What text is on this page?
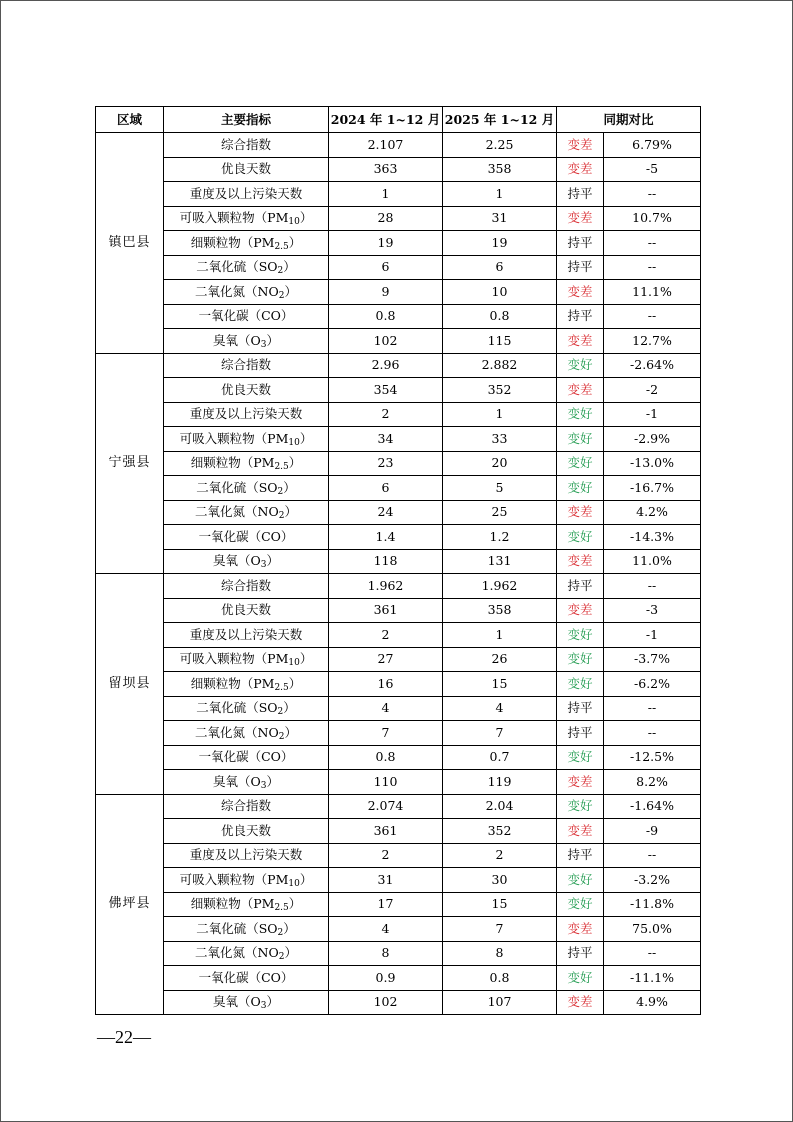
区域	主要指标	2024 年 1~12 月	2025 年 1~12 月	同期对比	
镇巴县	综合指数	2.107	2.25	变差	6.79%
	优良天数	363	358	变差	-5
	重度及以上污染天数	1	1	持平	--
	可吸入颗粒物$(PM_{10})$	28	31	变差	10.7%
	细颗粒物$(PM_{2.5})$	19	19	持平	--
	二氧化硫$(SO_2)$	6	6	持平	--
	二氧化氮$(NO_2)$	9	10	变差	11.1%
	一氧化碳（CO）	0.8	0.8	持平	--
	臭氧$(O_3)$	102	115	变差	12.7%
宁强县	综合指数	2.96	2.882	变好	-2.64%
	优良天数	354	352	变差	-2
	重度及以上污染天数	2	1	变好	-1
	可吸入颗粒物$(PM_{10})$	34	33	变好	-2.9%
	细颗粒物$(PM_{2.5})$	23	20	变好	-13.0%
	二氧化硫$(SO_2)$	6	5	变好	-16.7%
	二氧化氮$(NO_2)$	24	25	变差	4.2%
	一氧化碳（CO）	1.4	1.2	变好	-14.3%
	臭氧$(O_3)$	118	131	变差	11.0%
留坝县	综合指数	1.962	1.962	持平	--
	优良天数	361	358	变差	-3
	重度及以上污染天数	2	1	变好	-1
	可吸入颗粒物$(PM_{10})$	27	26	变好	-3.7%
	细颗粒物$(PM_{2.5})$	16	15	变好	-6.2%
	二氧化硫$(SO_2)$	4	4	持平	--
	二氧化氮$(NO_2)$	7	7	持平	--
	一氧化碳（CO）	0.8	0.7	变好	-12.5%
	臭氧$(O_3)$	110	119	变差	8.2%
佛坪县	综合指数	2.074	2.04	变好	-1.64%
	优良天数	361	352	变差	-9
	重度及以上污染天数	2	2	持平	--
	可吸入颗粒物$(PM_{10})$	31	30	变好	-3.2%
	细颗粒物$(PM_{2.5})$	17	15	变好	-11.8%
	二氧化硫$(SO_2)$	4	7	变差	75.0%
	二氧化氮$(NO_2)$	8	8	持平	--
	一氧化碳（CO）	0.9	0.8	变好	-11.1%
	臭氧$(O_3)$	102	107	变差	4.9%
—22—
